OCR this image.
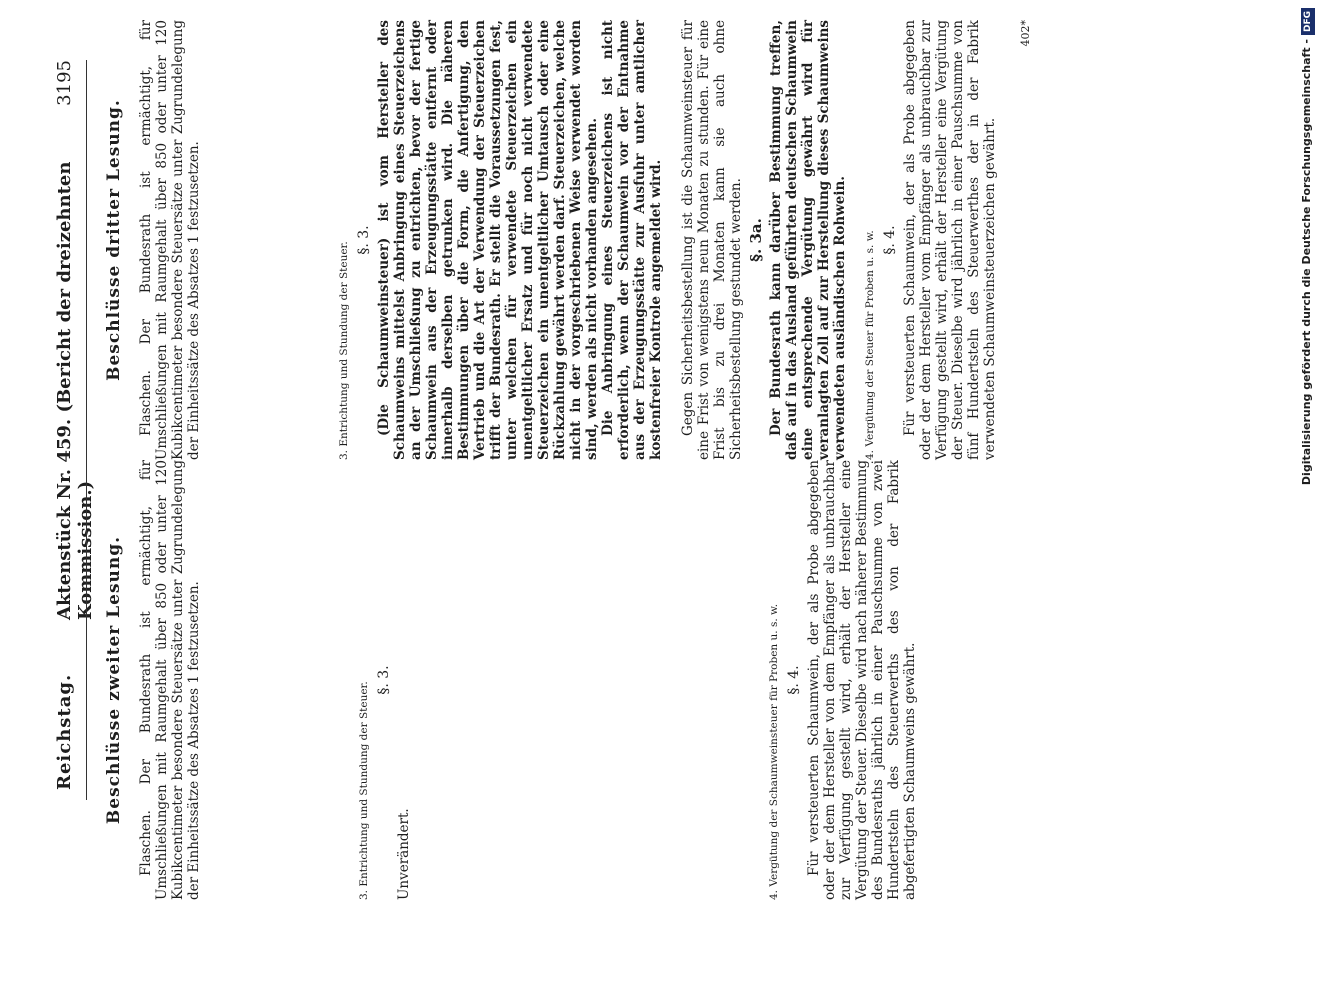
Reichstag.
Aktenstück Nr. 459. (Bericht der dreizehnten Kommission.)
3195
Beschlüsse zweiter Lesung. Flaschen. Der Bundesrath ist ermächtigt, für Umschließungen mit Raumgehalt über 850 oder unter 120 Kubikcentimeter besondere Steuersätze unter Zugrundelegung der Einheitssätze des Absatzes 1 festzusetzen.	3. Entrichtung und Stundung der Steuer.
§. 3.
Unverändert.	4. Vergütung der Schaumweinsteuer für Proben u. s. w. §. 4. Für versteuerten Schaumwein, der als Probe abgegeben oder der dem Hersteller von dem Empfänger als unbrauchbar zur Verfügung gestellt wird, erhält der Hersteller eine Vergütung der Steuer. Dieselbe wird nach näherer Bestimmung des Bundesraths jährlich in einer Pauschsumme von zwei Hundertsteln des Steuerwerths des von der Fabrik abgefertigten Schaumweins gewährt.

Beschlüsse dritter Lesung. Flaschen. Der Bundesrath ist ermächtigt, für Umschließungen mit Raumgehalt über 850 oder unter 120 Kubikcentimeter besondere Steuersätze unter Zugrundelegung der Einheitssätze des Absatzes 1 festzusetzen.	3. Entrichtung und Stundung der Steuer.
§. 3. (Die Schaumweinsteuer) ist vom Hersteller des Schaumweins mittelst Anbringung eines Steuerzeichens an der Umschließung zu entrichten, bevor der fertige Schaumwein aus der Erzeugungsstätte entfernt oder innerhalb derselben getrunken wird. Die näheren Bestimmungen über die Form, die Anfertigung, den Vertrieb und die Art der Verwendung der Steuerzeichen trifft der Bundesrath. Er stellt die Voraussetzungen fest, unter welchen für verwendete Steuerzeichen ein unentgeltlicher Ersatz und für noch nicht verwendete Steuerzeichen ein unentgeltlicher Umtausch oder eine Rückzahlung gewährt werden darf. Steuerzeichen, welche nicht in der vorgeschriebenen Weise verwendet worden sind, werden als nicht vorhanden angesehen. Die Anbringung eines Steuerzeichens ist nicht erforderlich, wenn der Schaumwein vor der Entnahme aus der Erzeugungsstätte zur Ausfuhr unter amtlicher kostenfreier Kontrole angemeldet wird. Gegen Sicherheitsbestellung ist die Schaumweinsteuer für eine Frist von wenigstens neun Monaten zu stunden. Für eine Frist bis zu drei Monaten kann sie auch ohne Sicherheitsbestellung gestundet werden. §. 3a. Der Bundesrath kann darüber Bestimmung treffen, daß auf in das Ausland geführten deutschen Schaumwein eine entsprechende Vergütung gewährt wird für veranlagten Zoll auf zur Herstellung dieses Schaumweins verwendeten ausländischen Rohwein. 4. Vergütung der Steuer für Proben u. s. w. §. 4. Für versteuerten Schaumwein, der als Probe abgegeben oder der dem Hersteller vom Empfänger als unbrauchbar zur Verfügung gestellt wird, erhält der Hersteller eine Vergütung der Steuer. Dieselbe wird jährlich in einer Pauschsumme von fünf Hundertsteln des Steuerwerthes der in der Fabrik verwendeten Schaumweinsteuerzeichen gewährt.

402*
Digitalisierung gefördert durch die Deutsche Forschungsgemeinschaft -DFG
